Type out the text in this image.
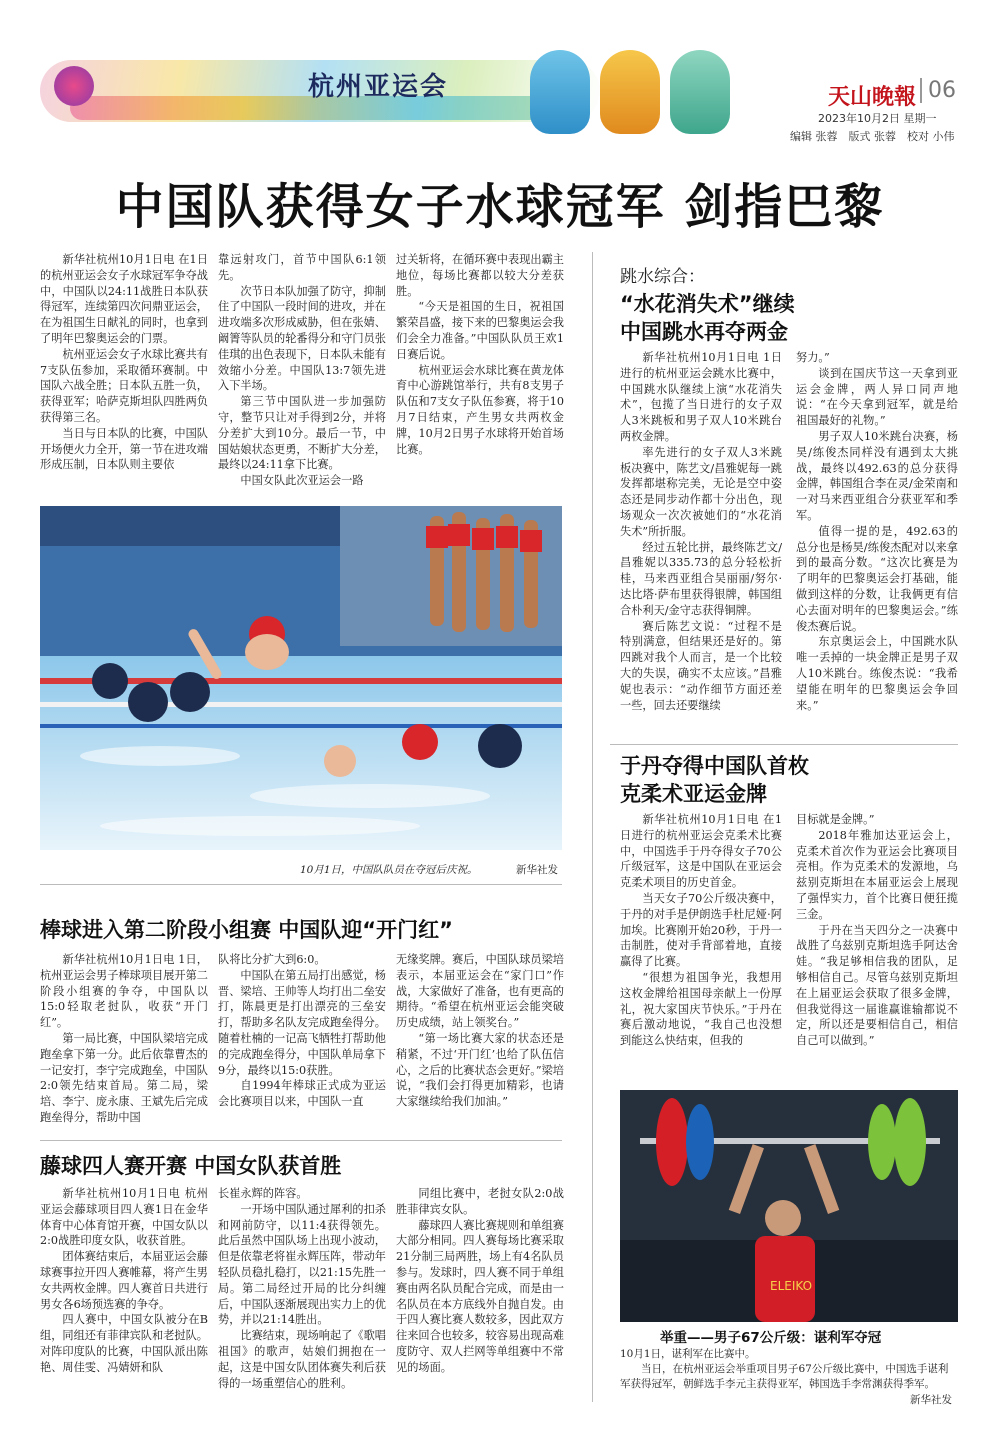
杭州亚运会	天山晚報 06
2023年10月2日 星期一
编辑 张蓉　版式 张蓉　校对 小伟
中国队获得女子水球冠军 剑指巴黎

新华社杭州10月1日电 在1日的杭州亚运会女子水球冠军争夺战中，中国队以24:11战胜日本队获得冠军，连续第四次问鼎亚运会，在为祖国生日献礼的同时，也拿到了明年巴黎奥运会的门票。

杭州亚运会女子水球比赛共有7支队伍参加，采取循环赛制。中国队六战全胜；日本队五胜一负，获得亚军；哈萨克斯坦队四胜两负获得第三名。

当日与日本队的比赛，中国队开场便火力全开，第一节在进攻端形成压制，日本队则主要依

靠远射攻门，首节中国队6:1领先。

次节日本队加强了防守，抑制住了中国队一段时间的进攻，并在进攻端多次形成威胁，但在张婧、阚箐等队员的轮番得分和守门员张佳琪的出色表现下，日本队未能有效缩小分差。中国队13:7领先进入下半场。

第三节中国队进一步加强防守，整节只让对手得到2分，并将分差扩大到10分。最后一节，中国姑娘状态更勇，不断扩大分差，最终以24:11拿下比赛。

中国女队此次亚运会一路

过关斩将，在循环赛中表现出霸主地位，每场比赛都以较大分差获胜。

“今天是祖国的生日，祝祖国繁荣昌盛，接下来的巴黎奥运会我们会全力准备。”中国队队员王欢1日赛后说。

杭州亚运会水球比赛在黄龙体育中心游跳馆举行，共有8支男子队伍和7支女子队伍参赛，将于10月7日结束，产生男女共两枚金牌，10月2日男子水球将开始首场比赛。

10月1日，中国队队员在夺冠后庆祝。	新华社发
棒球进入第二阶段小组赛 中国队迎“开门红”

新华社杭州10月1日电 1日，杭州亚运会男子棒球项目展开第二阶段小组赛的争夺，中国队以15:0轻取老挝队，收获“开门红”。

第一局比赛，中国队梁培完成跑垒拿下第一分。此后依靠曹杰的一记安打，李宁完成跑垒，中国队2:0领先结束首局。第二局，梁培、李宁、庞永康、王斌先后完成跑垒得分，帮助中国

队将比分扩大到6:0。

中国队在第五局打出感觉，杨晋、梁培、王帅等人均打出二垒安打，陈晨更是打出漂亮的三垒安打，帮助多名队友完成跑垒得分。随着杜楠的一记高飞牺牲打帮助他的完成跑垒得分，中国队单局拿下9分，最终以15:0获胜。

自1994年棒球正式成为亚运会比赛项目以来，中国队一直

无缘奖牌。赛后，中国队球员梁培表示，本届亚运会在“家门口”作战，大家做好了准备，也有更高的期待。“希望在杭州亚运会能突破历史成绩，站上领奖台。”

“第一场比赛大家的状态还是稍紧，不过‘开门红’也给了队伍信心，之后的比赛状态会更好。”梁培说，“我们会打得更加精彩，也请大家继续给我们加油。”

藤球四人赛开赛 中国女队获首胜

新华社杭州10月1日电 杭州亚运会藤球项目四人赛1日在金华体育中心体育馆开赛，中国女队以2:0战胜印度女队，收获首胜。

团体赛结束后，本届亚运会藤球赛事拉开四人赛帷幕，将产生男女共两枚金牌。四人赛首日共进行男女各6场预选赛的争夺。

四人赛中，中国女队被分在B组，同组还有菲律宾队和老挝队。对阵印度队的比赛，中国队派出陈艳、周佳雯、冯婧妍和队

长崔永辉的阵容。

一开场中国队通过犀利的扣杀和网前防守，以11:4获得领先。此后虽然中国队场上出现小波动，但是依靠老将崔永辉压阵，带动年轻队员稳扎稳打，以21:15先胜一局。第二局经过开局的比分纠缠后，中国队逐渐展现出实力上的优势，并以21:14胜出。

比赛结束，现场响起了《歌唱祖国》的歌声，姑娘们拥抱在一起，这是中国女队团体赛失利后获得的一场重塑信心的胜利。

同组比赛中，老挝女队2:0战胜菲律宾女队。

藤球四人赛比赛规则和单组赛大部分相同。四人赛每场比赛采取21分制三局两胜，场上有4名队员参与。发球时，四人赛不同于单组赛由两名队员配合完成，而是由一名队员在本方底线外自抛自发。由于四人赛比赛人数较多，因此双方往来回合也较多，较容易出现高难度防守、双人拦网等单组赛中不常见的场面。

跳水综合：
“水花消失术”继续
中国跳水再夺两金

新华社杭州10月1日电 1日进行的杭州亚运会跳水比赛中，中国跳水队继续上演“水花消失术”，包揽了当日进行的女子双人3米跳板和男子双人10米跳台两枚金牌。

率先进行的女子双人3米跳板决赛中，陈艺文/昌雅妮每一跳发挥都堪称完美，无论是空中姿态还是同步动作都十分出色，现场观众一次次被她们的“水花消失术”所折服。

经过五轮比拼，最终陈艺文/昌雅妮以335.73的总分轻松折桂，马来西亚组合吴丽丽/努尔·达比塔·萨布里获得银牌，韩国组合朴利天/金守志获得铜牌。

赛后陈艺文说：“过程不是特别满意，但结果还是好的。第四跳对我个人而言，是一个比较大的失误，确实不太应该。”昌雅妮也表示：“动作细节方面还差一些，回去还要继续

努力。”

谈到在国庆节这一天拿到亚运会金牌，两人异口同声地说：“在今天拿到冠军，就是给祖国最好的礼物。”

男子双人10米跳台决赛，杨昊/练俊杰同样没有遇到太大挑战，最终以492.63的总分获得金牌，韩国组合李在灵/金荣南和一对马来西亚组合分获亚军和季军。

值得一提的是，492.63的总分也是杨昊/练俊杰配对以来拿到的最高分数。“这次比赛是为了明年的巴黎奥运会打基础，能做到这样的分数，让我俩更有信心去面对明年的巴黎奥运会。”练俊杰赛后说。

东京奥运会上，中国跳水队唯一丢掉的一块金牌正是男子双人10米跳台。练俊杰说：“我希望能在明年的巴黎奥运会争回来。”

于丹夺得中国队首枚
克柔术亚运金牌

新华社杭州10月1日电 在1日进行的杭州亚运会克柔术比赛中，中国选手于丹夺得女子70公斤级冠军，这是中国队在亚运会克柔术项目的历史首金。

当天女子70公斤级决赛中，于丹的对手是伊朗选手杜尼娅·阿加埃。比赛刚开始20秒，于丹一击制胜，使对手背部着地，直接赢得了比赛。

“很想为祖国争光，我想用这枚金牌给祖国母亲献上一份厚礼，祝大家国庆节快乐。”于丹在赛后激动地说，“我自己也没想到能这么快结束，但我的

目标就是金牌。”

2018年雅加达亚运会上，克柔术首次作为亚运会比赛项目亮相。作为克柔术的发源地，乌兹别克斯坦在本届亚运会上展现了强悍实力，首个比赛日便狂揽三金。

于丹在当天四分之一决赛中战胜了乌兹别克斯坦选手阿达舍娃。“我足够相信我的团队，足够相信自己。尽管乌兹别克斯坦在上届亚运会获取了很多金牌，但我觉得这一届谁赢谁输都说不定，所以还是要相信自己，相信自己可以做到。”

ELEIKO
举重——男子67公斤级：谌利军夺冠
10月1日，谌利军在比赛中。
当日，在杭州亚运会举重项目男子67公斤级比赛中，中国选手谌利军获得冠军，朝鲜选手李元主获得亚军，韩国选手李常渊获得季军。
新华社发
